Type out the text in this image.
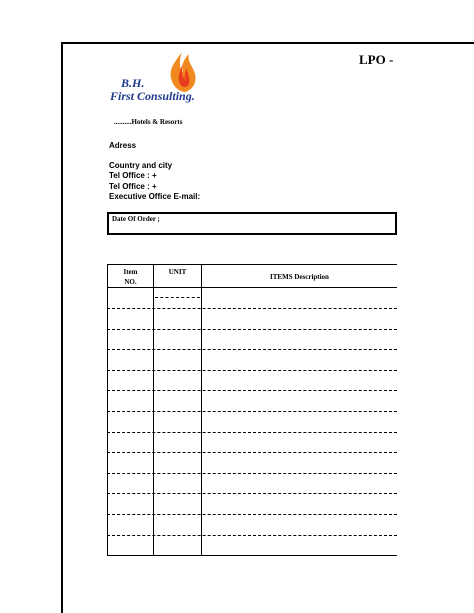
LPO -
B.H.
First Consulting.
..........Hotels & Resorts
Adress
Country and city
Tel Office : +
Tel Office : +
Executive Office E-mail:
Date Of Order ;
Item
NO.
UNIT
ITEMS Description
